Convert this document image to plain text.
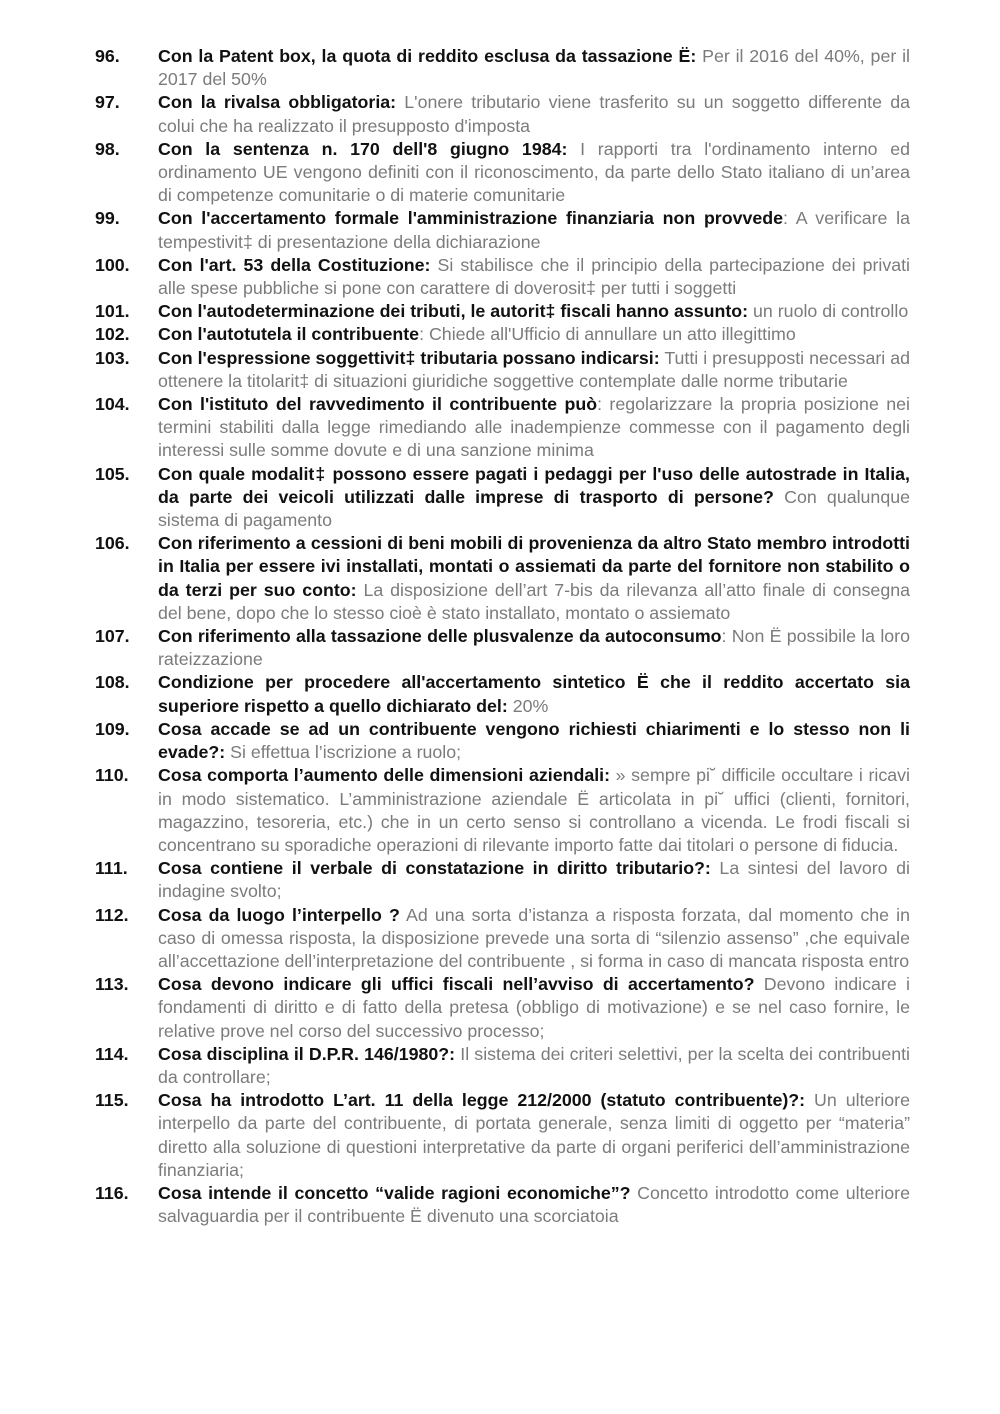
96. Con la Patent box, la quota di reddito esclusa da tassazione Ë: Per il 2016 del 40%, per il 2017 del 50%
97. Con la rivalsa obbligatoria: L'onere tributario viene trasferito su un soggetto differente da colui che ha realizzato il presupposto d'imposta
98. Con la sentenza n. 170 dell'8 giugno 1984: I rapporti tra l'ordinamento interno ed ordinamento UE vengono definiti con il riconoscimento, da parte dello Stato italiano di un’area di competenze comunitarie o di materie comunitarie
99. Con l'accertamento formale l'amministrazione finanziaria non provvede: A verificare la tempestivit‡ di presentazione della dichiarazione
100. Con l'art. 53 della Costituzione: Si stabilisce che il principio della partecipazione dei privati alle spese pubbliche si pone con carattere di doverosit‡ per tutti i soggetti
101. Con l'autodeterminazione dei tributi, le autorit‡ fiscali hanno assunto: un ruolo di controllo
102. Con l'autotutela il contribuente: Chiede all'Ufficio di annullare un atto illegittimo
103. Con l'espressione soggettivit‡ tributaria possano indicarsi: Tutti i presupposti necessari ad ottenere la titolarit‡ di situazioni giuridiche soggettive contemplate dalle norme tributarie
104. Con l'istituto del ravvedimento il contribuente può: regolarizzare la propria posizione nei termini stabiliti dalla legge rimediando alle inadempienze commesse con il pagamento degli interessi sulle somme dovute e di una sanzione minima
105. Con quale modalit‡ possono essere pagati i pedaggi per l'uso delle autostrade in Italia, da parte dei veicoli utilizzati dalle imprese di trasporto di persone? Con qualunque sistema di pagamento
106. Con riferimento a cessioni di beni mobili di provenienza da altro Stato membro introdotti in Italia per essere ivi installati, montati o assiemati da parte del fornitore non stabilito o da terzi per suo conto: La disposizione dell’art 7-bis da rilevanza all’atto finale di consegna del bene, dopo che lo stesso cioè è stato installato, montato o assiemato
107. Con riferimento alla tassazione delle plusvalenze da autoconsumo: Non Ë possibile la loro rateizzazione
108. Condizione per procedere all'accertamento sintetico Ë che il reddito accertato sia superiore rispetto a quello dichiarato del: 20%
109. Cosa accade se ad un contribuente vengono richiesti chiarimenti e lo stesso non li evade?: Si effettua l’iscrizione a ruolo;
110. Cosa comporta l’aumento delle dimensioni aziendali: » sempre pi˘ difficile occultare i ricavi in modo sistematico. L’amministrazione aziendale Ë articolata in pi˘ uffici (clienti, fornitori, magazzino, tesoreria, etc.) che in un certo senso si controllano a vicenda. Le frodi fiscali si concentrano su sporadiche operazioni di rilevante importo fatte dai titolari o persone di fiducia.
111. Cosa contiene il verbale di constatazione in diritto tributario?: La sintesi del lavoro di indagine svolto;
112. Cosa da luogo l’interpello ? Ad una sorta d’istanza a risposta forzata, dal momento che in caso di omessa risposta, la disposizione prevede una sorta di “silenzio assenso” ,che equivale all’accettazione dell’interpretazione del contribuente , si forma in caso di mancata risposta entro
113. Cosa devono indicare gli uffici fiscali nell’avviso di accertamento? Devono indicare i fondamenti di diritto e di fatto della pretesa (obbligo di motivazione) e se nel caso fornire, le relative prove nel corso del successivo processo;
114. Cosa disciplina il D.P.R. 146/1980?: Il sistema dei criteri selettivi, per la scelta dei contribuenti da controllare;
115. Cosa ha introdotto L’art. 11 della legge 212/2000 (statuto contribuente)?: Un ulteriore interpello da parte del contribuente, di portata generale, senza limiti di oggetto per “materia” diretto alla soluzione di questioni interpretative da parte di organi periferici dell’amministrazione finanziaria;
116. Cosa intende il concetto “valide ragioni economiche”? Concetto introdotto come ulteriore salvaguardia per il contribuente Ë divenuto una scorciatoia
